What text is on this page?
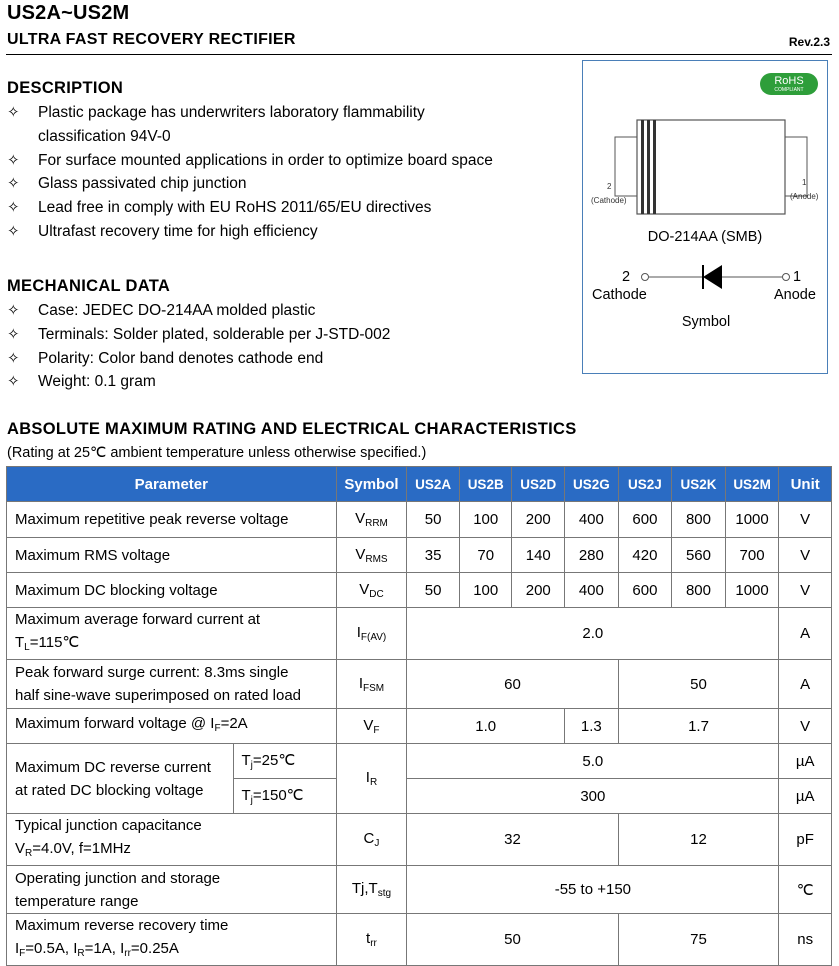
US2A~US2M
ULTRA FAST RECOVERY RECTIFIER	Rev.2.3
DESCRIPTION
✧ Plastic package has underwriters laboratory flammability
classification 94V-0
✧ For surface mounted applications in order to optimize board space
✧ Glass passivated chip junction
✧ Lead free in comply with EU RoHS 2011/65/EU directives
✧ Ultrafast recovery time for high efficiency
MECHANICAL DATA
✧ Case: JEDEC DO-214AA molded plastic
✧ Terminals: Solder plated, solderable per J-STD-002
✧ Polarity: Color band denotes cathode end
✧ Weight: 0.1 gram
RoHS
COMPLIANT
2
(Cathode)
1
(Anode)
DO-214AA (SMB)
2	1
Cathode	Anode
Symbol
ABSOLUTE MAXIMUM RATING AND ELECTRICAL CHARACTERISTICS
(Rating at 25℃ ambient temperature unless otherwise specified.)
Parameter		Symbol	US2A	US2B	US2D	US2G	US2J	US2K	US2M	Unit
Maximum repetitive peak reverse voltage		$V_{RRM}$	50	100	200	400	600	800	1000	V
Maximum RMS voltage		$V_{RMS}$	35	70	140	280	420	560	700	V
Maximum DC blocking voltage		$V_{DC}$	50	100	200	400	600	800	1000	V
Maximum average forward current at
$T_L=115℃$		$I_{F(AV)}$	2.0							A
Peak forward surge current: 8.3ms single
half sine-wave superimposed on rated load		$I_{FSM}$	60				50			A
Maximum forward voltage @ $I_F=2A$		$V_F$	1.0			1.3	1.7			V
Maximum DC reverse current
at rated DC blocking voltage	$T_j=25℃$	$I_R$	5.0							µA
	$T_j=150℃$		300							µA
Typical junction capacitance
$V_R=4.0V$, f=1MHz		$C_J$	32				12			pF
Operating junction and storage
temperature range		$Tj,T_{stg}$	-55 to +150							℃
Maximum reverse recovery time
$I_F=0.5A$, $I_R=1A$, $I_{rr}=0.25A$		$t_{rr}$	50				75			ns
